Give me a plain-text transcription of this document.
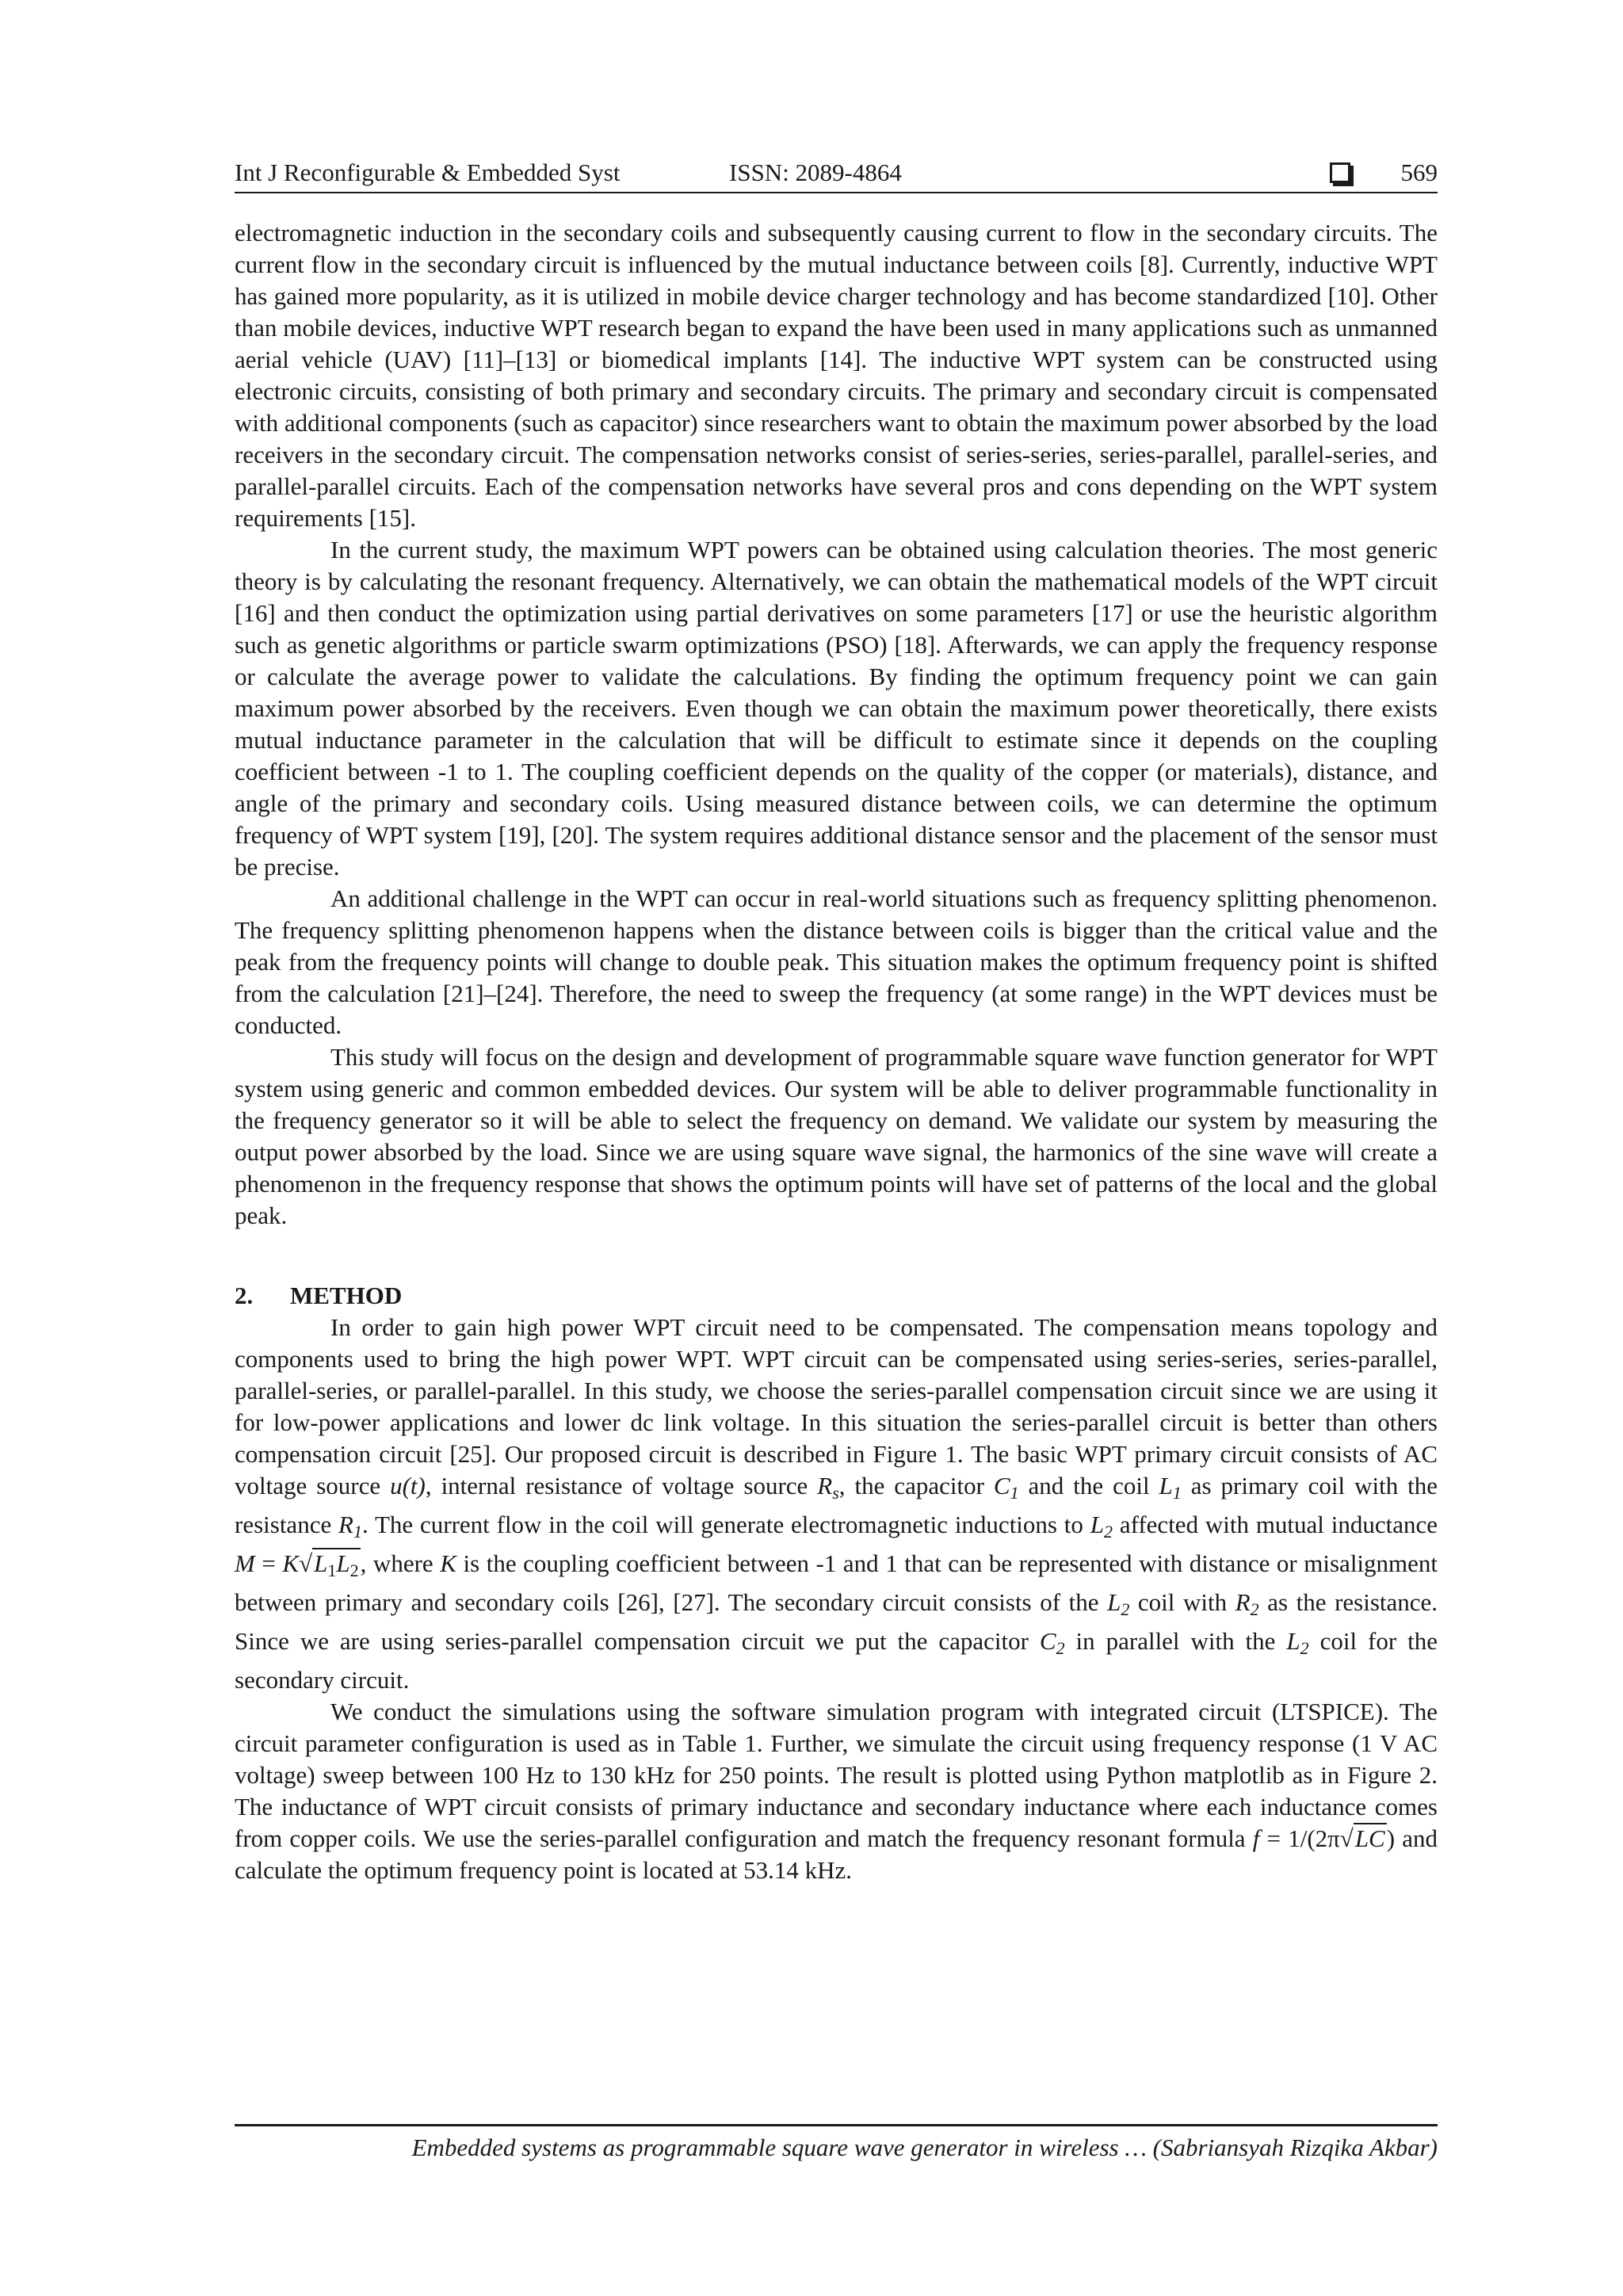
Int J Reconfigurable & Embedded Syst	ISSN: 2089-4864	569

electromagnetic induction in the secondary coils and subsequently causing current to flow in the secondary circuits. The current flow in the secondary circuit is influenced by the mutual inductance between coils [8]. Currently, inductive WPT has gained more popularity, as it is utilized in mobile device charger technology and has become standardized [10]. Other than mobile devices, inductive WPT research began to expand the have been used in many applications such as unmanned aerial vehicle (UAV) [11]–[13] or biomedical implants [14]. The inductive WPT system can be constructed using electronic circuits, consisting of both primary and secondary circuits. The primary and secondary circuit is compensated with additional components (such as capacitor) since researchers want to obtain the maximum power absorbed by the load receivers in the secondary circuit. The compensation networks consist of series-series, series-parallel, parallel-series, and parallel-parallel circuits. Each of the compensation networks have several pros and cons depending on the WPT system requirements [15].

In the current study, the maximum WPT powers can be obtained using calculation theories. The most generic theory is by calculating the resonant frequency. Alternatively, we can obtain the mathematical models of the WPT circuit [16] and then conduct the optimization using partial derivatives on some parameters [17] or use the heuristic algorithm such as genetic algorithms or particle swarm optimizations (PSO) [18]. Afterwards, we can apply the frequency response or calculate the average power to validate the calculations. By finding the optimum frequency point we can gain maximum power absorbed by the receivers. Even though we can obtain the maximum power theoretically, there exists mutual inductance parameter in the calculation that will be difficult to estimate since it depends on the coupling coefficient between -1 to 1. The coupling coefficient depends on the quality of the copper (or materials), distance, and angle of the primary and secondary coils. Using measured distance between coils, we can determine the optimum frequency of WPT system [19], [20]. The system requires additional distance sensor and the placement of the sensor must be precise.

An additional challenge in the WPT can occur in real-world situations such as frequency splitting phenomenon. The frequency splitting phenomenon happens when the distance between coils is bigger than the critical value and the peak from the frequency points will change to double peak. This situation makes the optimum frequency point is shifted from the calculation [21]–[24]. Therefore, the need to sweep the frequency (at some range) in the WPT devices must be conducted.

This study will focus on the design and development of programmable square wave function generator for WPT system using generic and common embedded devices. Our system will be able to deliver programmable functionality in the frequency generator so it will be able to select the frequency on demand. We validate our system by measuring the output power absorbed by the load. Since we are using square wave signal, the harmonics of the sine wave will create a phenomenon in the frequency response that shows the optimum points will have set of patterns of the local and the global peak.

2. METHOD

In order to gain high power WPT circuit need to be compensated. The compensation means topology and components used to bring the high power WPT. WPT circuit can be compensated using series-series, series-parallel, parallel-series, or parallel-parallel. In this study, we choose the series-parallel compensation circuit since we are using it for low-power applications and lower dc link voltage. In this situation the series-parallel circuit is better than others compensation circuit [25]. Our proposed circuit is described in Figure 1. The basic WPT primary circuit consists of AC voltage source u(t), internal resistance of voltage source $R_s$, the capacitor $C_1$ and the coil $L_1$ as primary coil with the resistance $R_1$. The current flow in the coil will generate electromagnetic inductions to $L_2$ affected with mutual inductance M = K√L1L2, where K is the coupling coefficient between -1 and 1 that can be represented with distance or misalignment between primary and secondary coils [26], [27]. The secondary circuit consists of the $L_2$ coil with $R_2$ as the resistance. Since we are using series-parallel compensation circuit we put the capacitor $C_2$ in parallel with the $L_2$ coil for the secondary circuit.

We conduct the simulations using the software simulation program with integrated circuit (LTSPICE). The circuit parameter configuration is used as in Table 1. Further, we simulate the circuit using frequency response (1 V AC voltage) sweep between 100 Hz to 130 kHz for 250 points. The result is plotted using Python matplotlib as in Figure 2. The inductance of WPT circuit consists of primary inductance and secondary inductance where each inductance comes from copper coils. We use the series-parallel configuration and match the frequency resonant formula f = 1/(2π√LC) and calculate the optimum frequency point is located at 53.14 kHz.

Embedded systems as programmable square wave generator in wireless … (Sabriansyah Rizqika Akbar)
